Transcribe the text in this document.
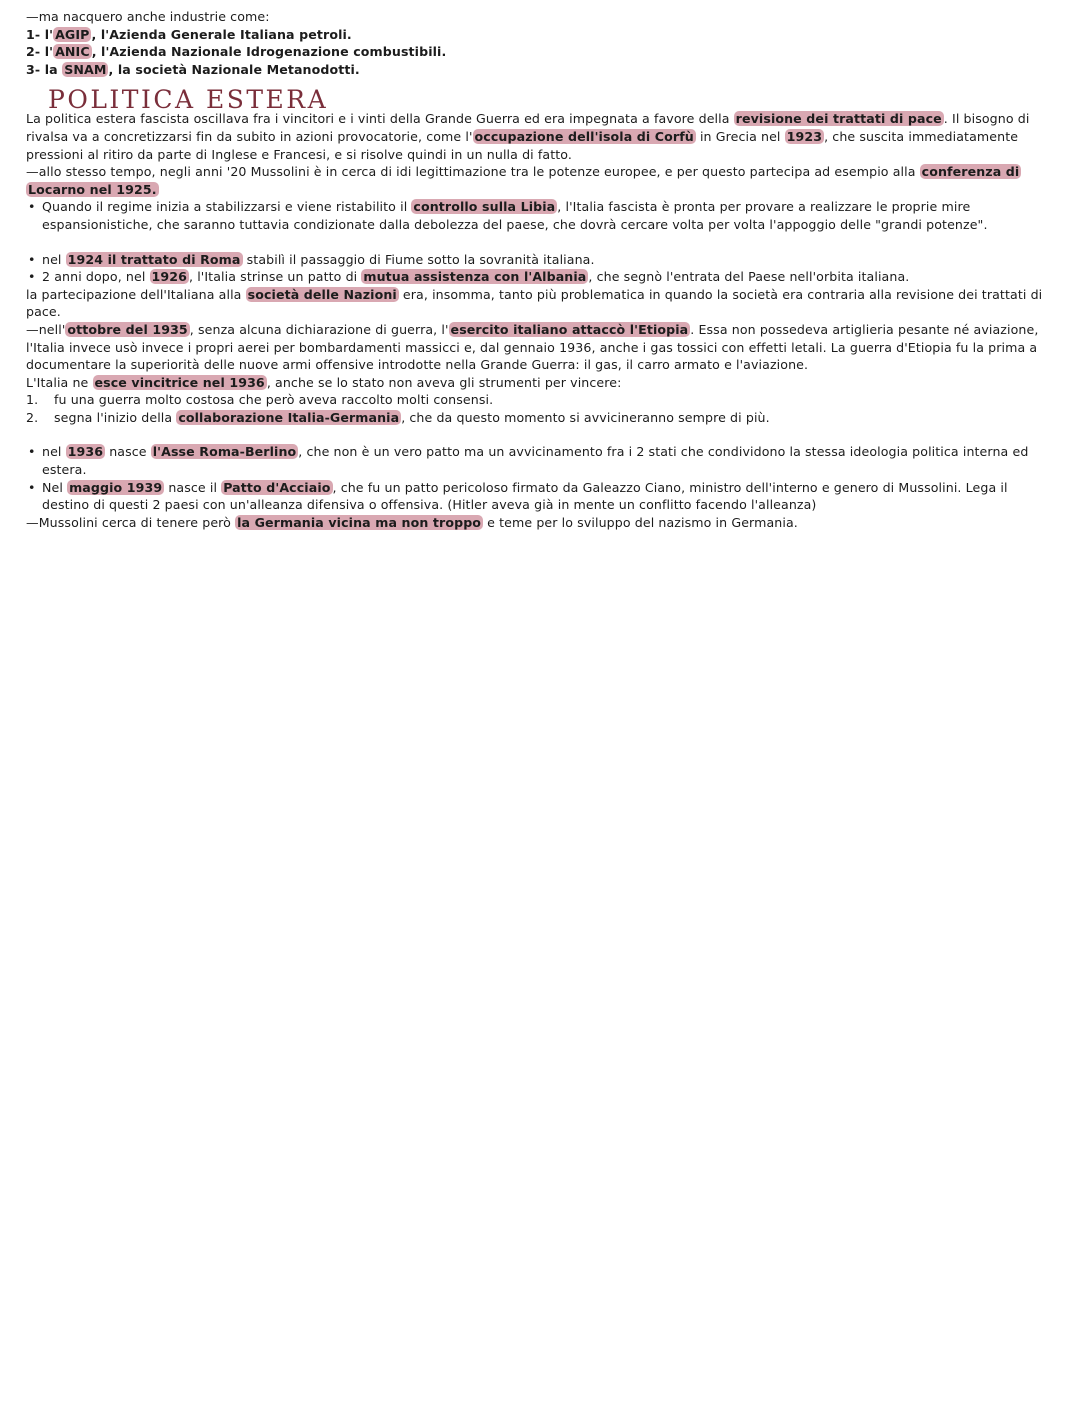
—ma nacquero anche industrie come:
1- l' AGIP , l'Azienda Generale Italiana petroli.
2- l' ANIC , l'Azienda Nazionale Idrogenazione combustibili.
3- la SNAM , la società Nazionale Metanodotti.
POLITICA ESTERA
La politica estera fascista oscillava fra i vincitori e i vinti della Grande Guerra ed era impegnata a favore della revisione dei trattati di pace . Il bisogno di rivalsa va a concretizzarsi fin da subito in azioni provocatorie, come l' occupazione dell'isola di Corfù in Grecia nel 1923 , che suscita immediatamente pressioni al ritiro da parte di Inglese e Francesi, e si risolve quindi in un nulla di fatto.
—allo stesso tempo, negli anni '20 Mussolini è in cerca di idi legittimazione tra le potenze europee, e per questo partecipa ad esempio alla conferenza di Locarno nel 1925.
• Quando il regime inizia a stabilizzarsi e viene ristabilito il controllo sulla Libia , l'Italia fascista è pronta per provare a realizzare le proprie mire espansionistiche, che saranno tuttavia condizionate dalla debolezza del paese, che dovrà cercare volta per volta l'appoggio delle "grandi potenze".
• nel 1924 il trattato di Roma stabilì il passaggio di Fiume sotto la sovranità italiana.
• 2 anni dopo, nel 1926 , l'Italia strinse un patto di mutua assistenza con l'Albania , che segnò l'entrata del Paese nell'orbita italiana.
la partecipazione dell'Italiana alla società delle Nazioni era, insomma, tanto più problematica in quando la società era contraria alla revisione dei trattati di pace.
—nell' ottobre del 1935 , senza alcuna dichiarazione di guerra, l' esercito italiano attaccò l'Etiopia . Essa non possedeva artiglieria pesante né aviazione, l'Italia invece usò invece i propri aerei per bombardamenti massicci e, dal gennaio 1936, anche i gas tossici con effetti letali. La guerra d'Etiopia fu la prima a documentare la superiorità delle nuove armi offensive introdotte nella Grande Guerra: il gas, il carro armato e l'aviazione.
L'Italia ne esce vincitrice nel 1936 , anche se lo stato non aveva gli strumenti per vincere:
1. fu una guerra molto costosa che però aveva raccolto molti consensi.
2. segna l'inizio della collaborazione Italia-Germania , che da questo momento si avvicineranno sempre di più.
• nel 1936 nasce l'Asse Roma-Berlino , che non è un vero patto ma un avvicinamento fra i 2 stati che condividono la stessa ideologia politica interna ed estera.
• Nel maggio 1939 nasce il Patto d'Acciaio , che fu un patto pericoloso firmato da Galeazzo Ciano, ministro dell'interno e genero di Mussolini. Lega il destino di questi 2 paesi con un'alleanza difensiva o offensiva. (Hitler aveva già in mente un conflitto facendo l'alleanza)
—Mussolini cerca di tenere però la Germania vicina ma non troppo e teme per lo sviluppo del nazismo in Germania.
